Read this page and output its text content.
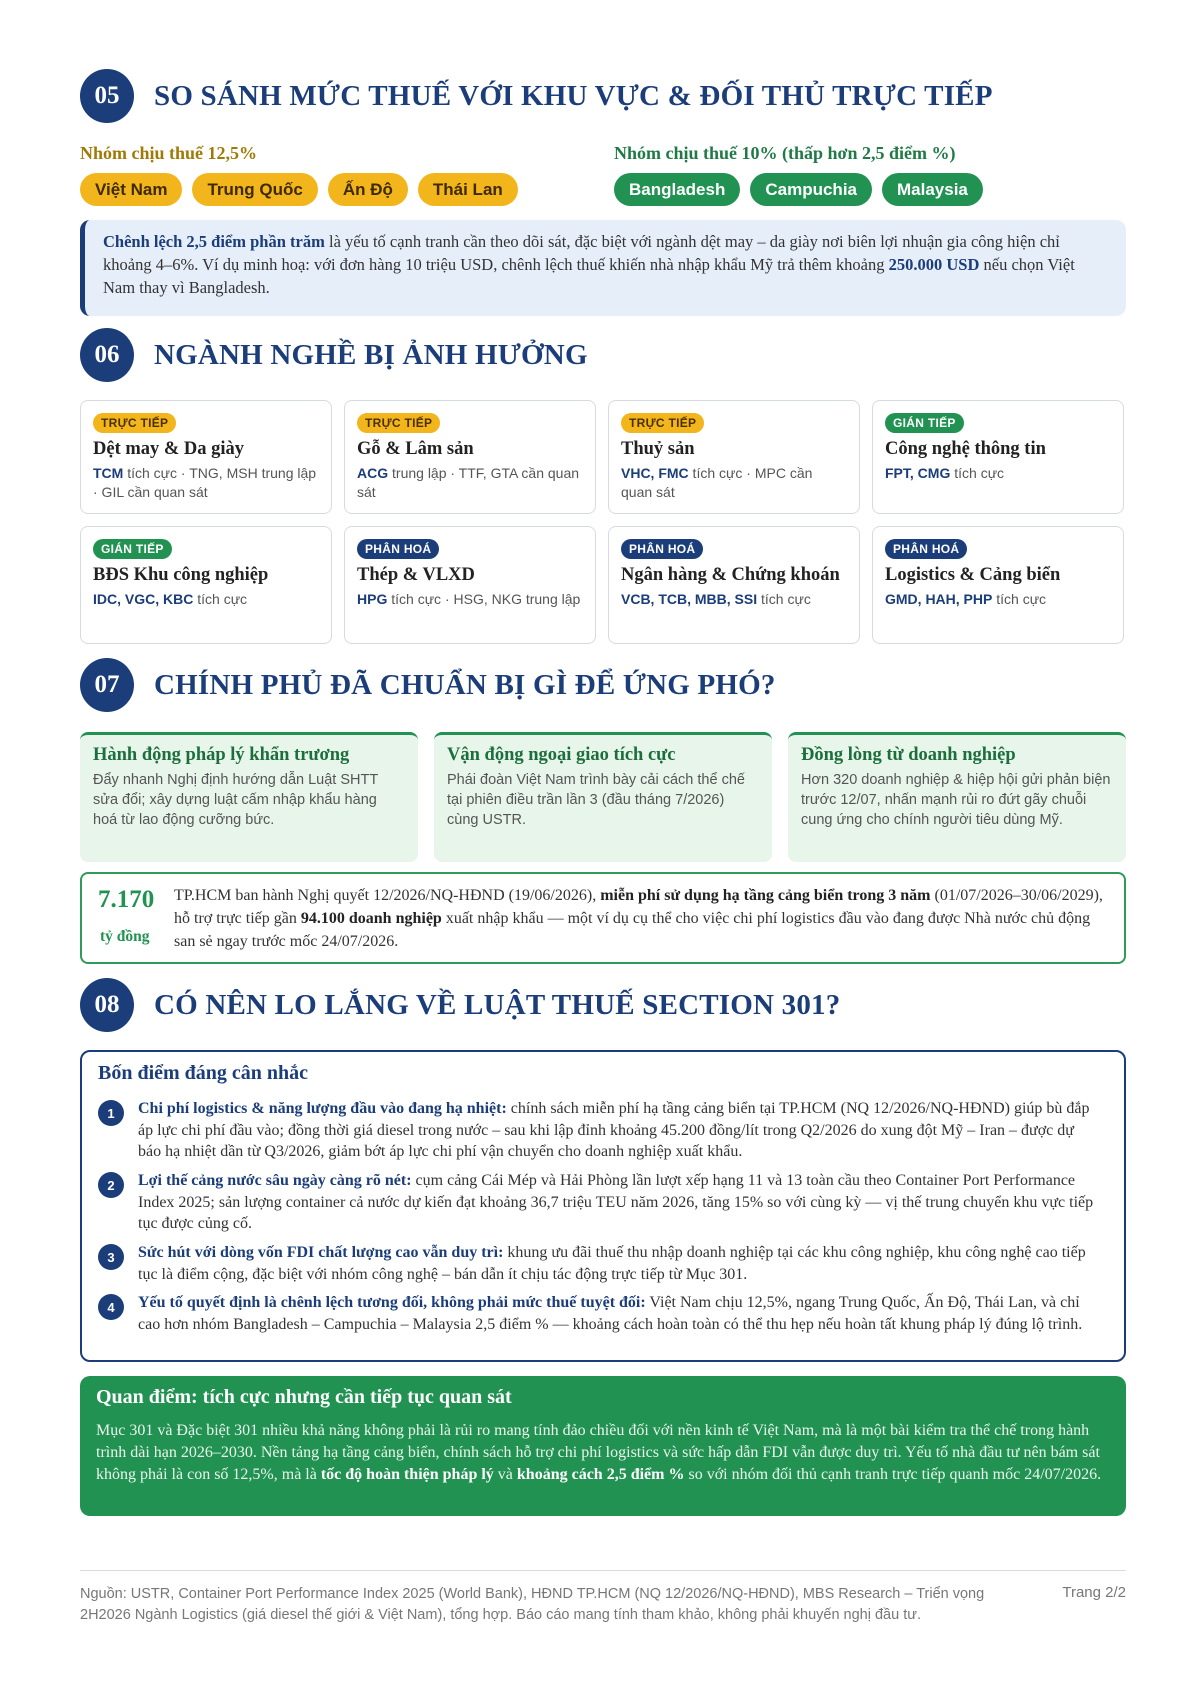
05	SO SÁNH MỨC THUẾ VỚI KHU VỰC & ĐỐI THỦ TRỰC TIẾP
Nhóm chịu thuế 12,5%
Việt Nam	Trung Quốc	Ấn Độ	Thái Lan
Nhóm chịu thuế 10% (thấp hơn 2,5 điểm %)
Bangladesh	Campuchia	Malaysia
Chênh lệch 2,5 điểm phần trăm là yếu tố cạnh tranh cần theo dõi sát, đặc biệt với ngành dệt may – da giày nơi biên lợi nhuận gia công hiện chỉ khoảng 4–6%. Ví dụ minh hoạ: với đơn hàng 10 triệu USD, chênh lệch thuế khiến nhà nhập khẩu Mỹ trả thêm khoảng 250.000 USD nếu chọn Việt Nam thay vì Bangladesh.
06	NGÀNH NGHỀ BỊ ẢNH HƯỞNG
TRỰC TIẾP
Dệt may & Da giày
TCM tích cực · TNG, MSH trung lập · GIL cần quan sát
TRỰC TIẾP
Gỗ & Lâm sản
ACG trung lập · TTF, GTA cần quan sát
TRỰC TIẾP
Thuỷ sản
VHC, FMC tích cực · MPC cần quan sát
GIÁN TIẾP
Công nghệ thông tin
FPT, CMG tích cực
GIÁN TIẾP
BĐS Khu công nghiệp
IDC, VGC, KBC tích cực
PHÂN HOÁ
Thép & VLXD
HPG tích cực · HSG, NKG trung lập
PHÂN HOÁ
Ngân hàng & Chứng khoán
VCB, TCB, MBB, SSI tích cực
PHÂN HOÁ
Logistics & Cảng biển
GMD, HAH, PHP tích cực
07	CHÍNH PHỦ ĐÃ CHUẨN BỊ GÌ ĐỂ ỨNG PHÓ?
Hành động pháp lý khẩn trương
Đẩy nhanh Nghị định hướng dẫn Luật SHTT sửa đổi; xây dựng luật cấm nhập khẩu hàng hoá từ lao động cưỡng bức.
Vận động ngoại giao tích cực
Phái đoàn Việt Nam trình bày cải cách thể chế tại phiên điều trần lần 3 (đầu tháng 7/2026) cùng USTR.
Đồng lòng từ doanh nghiệp
Hơn 320 doanh nghiệp & hiệp hội gửi phản biện trước 12/07, nhấn mạnh rủi ro đứt gãy chuỗi cung ứng cho chính người tiêu dùng Mỹ.
7.170
tỷ đồng
TP.HCM ban hành Nghị quyết 12/2026/NQ-HĐND (19/06/2026), miễn phí sử dụng hạ tầng cảng biển trong 3 năm (01/07/2026–30/06/2029), hỗ trợ trực tiếp gần 94.100 doanh nghiệp xuất nhập khẩu — một ví dụ cụ thể cho việc chi phí logistics đầu vào đang được Nhà nước chủ động san sẻ ngay trước mốc 24/07/2026.
08	CÓ NÊN LO LẮNG VỀ LUẬT THUẾ SECTION 301?
Bốn điểm đáng cân nhắc
1	Chi phí logistics & năng lượng đầu vào đang hạ nhiệt: chính sách miễn phí hạ tầng cảng biển tại TP.HCM (NQ 12/2026/NQ-HĐND) giúp bù đắp áp lực chi phí đầu vào; đồng thời giá diesel trong nước – sau khi lập đỉnh khoảng 45.200 đồng/lít trong Q2/2026 do xung đột Mỹ – Iran – được dự báo hạ nhiệt dần từ Q3/2026, giảm bớt áp lực chi phí vận chuyển cho doanh nghiệp xuất khẩu.
2	Lợi thế cảng nước sâu ngày càng rõ nét: cụm cảng Cái Mép và Hải Phòng lần lượt xếp hạng 11 và 13 toàn cầu theo Container Port Performance Index 2025; sản lượng container cả nước dự kiến đạt khoảng 36,7 triệu TEU năm 2026, tăng 15% so với cùng kỳ — vị thế trung chuyển khu vực tiếp tục được củng cố.
3	Sức hút với dòng vốn FDI chất lượng cao vẫn duy trì: khung ưu đãi thuế thu nhập doanh nghiệp tại các khu công nghiệp, khu công nghệ cao tiếp tục là điểm cộng, đặc biệt với nhóm công nghệ – bán dẫn ít chịu tác động trực tiếp từ Mục 301.
4	Yếu tố quyết định là chênh lệch tương đối, không phải mức thuế tuyệt đối: Việt Nam chịu 12,5%, ngang Trung Quốc, Ấn Độ, Thái Lan, và chỉ cao hơn nhóm Bangladesh – Campuchia – Malaysia 2,5 điểm % — khoảng cách hoàn toàn có thể thu hẹp nếu hoàn tất khung pháp lý đúng lộ trình.
Quan điểm: tích cực nhưng cần tiếp tục quan sát
Mục 301 và Đặc biệt 301 nhiều khả năng không phải là rủi ro mang tính đảo chiều đối với nền kinh tế Việt Nam, mà là một bài kiểm tra thể chế trong hành trình dài hạn 2026–2030. Nền tảng hạ tầng cảng biển, chính sách hỗ trợ chi phí logistics và sức hấp dẫn FDI vẫn được duy trì. Yếu tố nhà đầu tư nên bám sát không phải là con số 12,5%, mà là tốc độ hoàn thiện pháp lý và khoảng cách 2,5 điểm % so với nhóm đối thủ cạnh tranh trực tiếp quanh mốc 24/07/2026.
Nguồn: USTR, Container Port Performance Index 2025 (World Bank), HĐND TP.HCM (NQ 12/2026/NQ-HĐND), MBS Research – Triển vọng 2H2026 Ngành Logistics (giá diesel thế giới & Việt Nam), tổng hợp. Báo cáo mang tính tham khảo, không phải khuyến nghị đầu tư.
Trang 2/2
